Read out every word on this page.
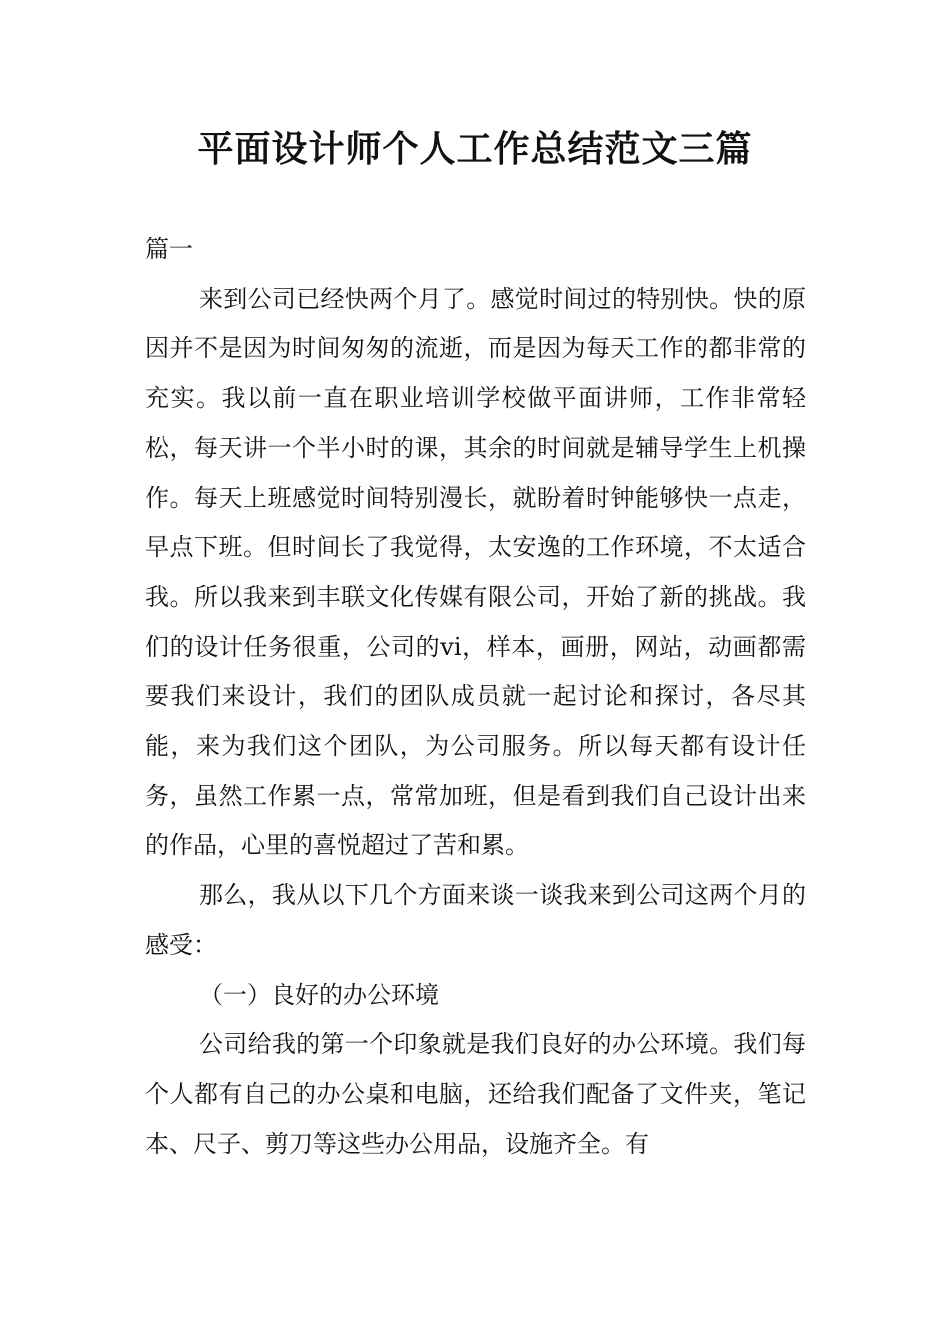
平面设计师个人工作总结范文三篇

篇一

来到公司已经快两个月了。感觉时间过的特别快。快的原因并不是因为时间匆匆的流逝，而是因为每天工作的都非常的充实。我以前一直在职业培训学校做平面讲师，工作非常轻松，每天讲一个半小时的课，其余的时间就是辅导学生上机操作。每天上班感觉时间特别漫长，就盼着时钟能够快一点走，早点下班。但时间长了我觉得，太安逸的工作环境，不太适合我。所以我来到丰联文化传媒有限公司，开始了新的挑战。我们的设计任务很重，公司的vi，样本，画册，网站，动画都需要我们来设计，我们的团队成员就一起讨论和探讨，各尽其能，来为我们这个团队，为公司服务。所以每天都有设计任务，虽然工作累一点，常常加班，但是看到我们自己设计出来的作品，心里的喜悦超过了苦和累。

那么，我从以下几个方面来谈一谈我来到公司这两个月的感受：

（一）良好的办公环境

公司给我的第一个印象就是我们良好的办公环境。我们每个人都有自己的办公桌和电脑，还给我们配备了文件夹，笔记本、尺子、剪刀等这些办公用品，设施齐全。有
